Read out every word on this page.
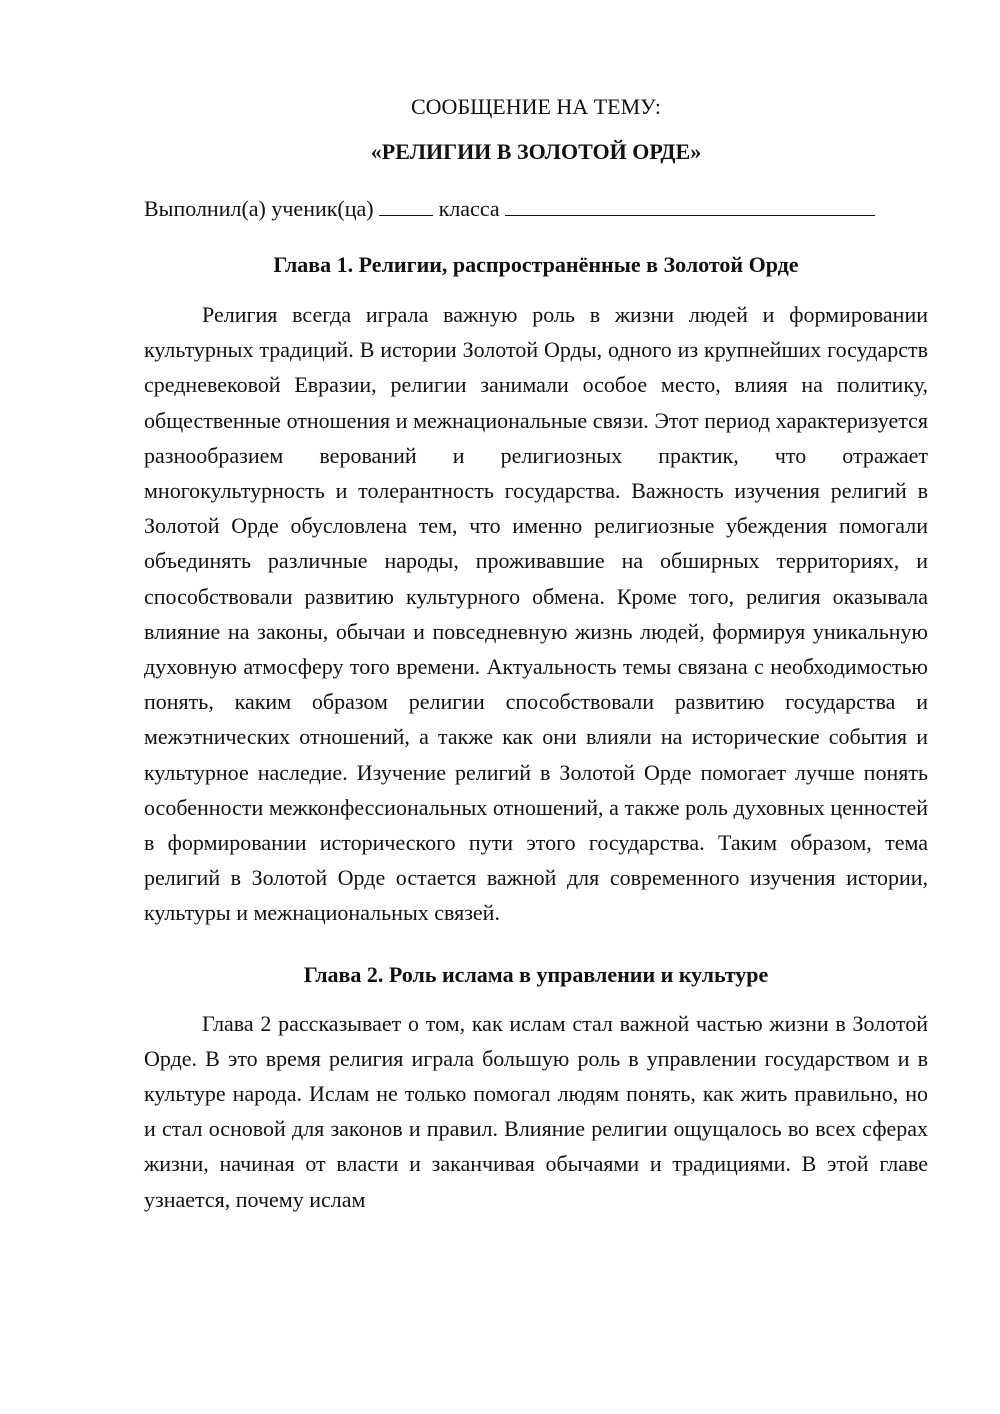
СООБЩЕНИЕ НА ТЕМУ:

«РЕЛИГИИ В ЗОЛОТОЙ ОРДЕ»

Выполнил(а) ученик(ца)	класса
Глава 1. Религии, распространённые в Золотой Орде

Религия всегда играла важную роль в жизни людей и формировании культурных традиций. В истории Золотой Орды, одного из крупнейших государств средневековой Евразии, религии занимали особое место, влияя на политику, общественные отношения и межнациональные связи. Этот период характеризуется разнообразием верований и религиозных практик, что отражает многокультурность и толерантность государства. Важность изучения религий в Золотой Орде обусловлена тем, что именно религиозные убеждения помогали объединять различные народы, проживавшие на обширных территориях, и способствовали развитию культурного обмена. Кроме того, религия оказывала влияние на законы, обычаи и повседневную жизнь людей, формируя уникальную духовную атмосферу того времени. Актуальность темы связана с необходимостью понять, каким образом религии способствовали развитию государства и межэтнических отношений, а также как они влияли на исторические события и культурное наследие. Изучение религий в Золотой Орде помогает лучше понять особенности межконфессиональных отношений, а также роль духовных ценностей в формировании исторического пути этого государства. Таким образом, тема религий в Золотой Орде остается важной для современного изучения истории, культуры и межнациональных связей.

Глава 2. Роль ислама в управлении и культуре

Глава 2 рассказывает о том, как ислам стал важной частью жизни в Золотой Орде. В это время религия играла большую роль в управлении государством и в культуре народа. Ислам не только помогал людям понять, как жить правильно, но и стал основой для законов и правил. Влияние религии ощущалось во всех сферах жизни, начиная от власти и заканчивая обычаями и традициями. В этой главе узнается, почему ислам
